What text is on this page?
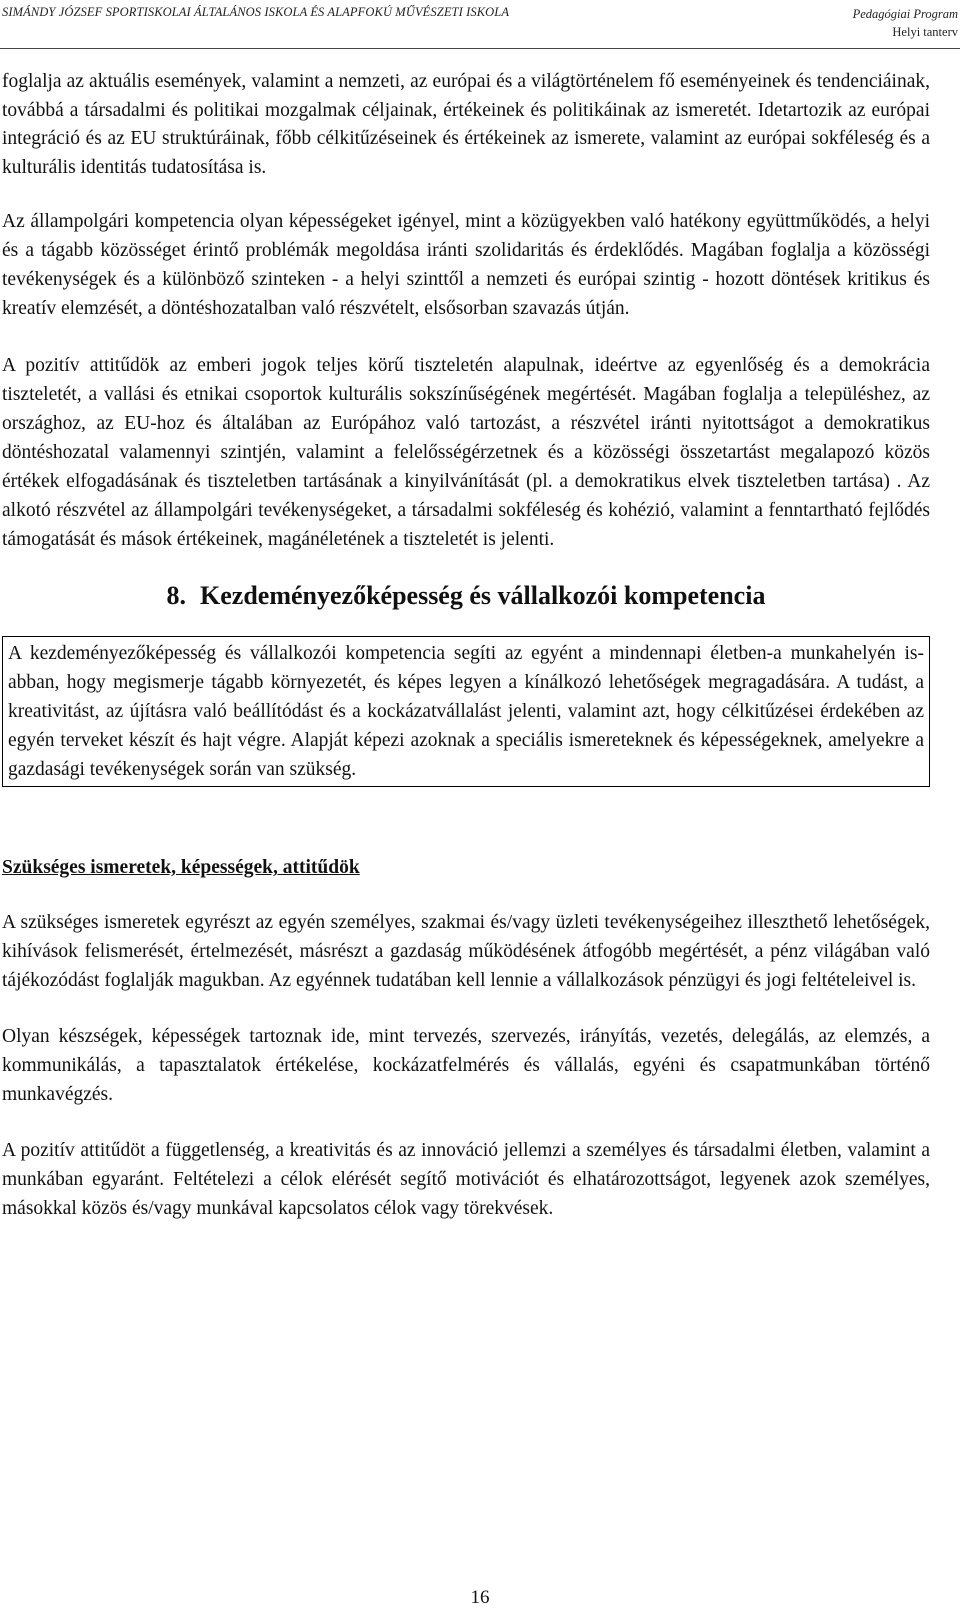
SIMÁNDY JÓZSEF SPORTISKOLAI ÁLTALÁNOS ISKOLA ÉS ALAPFOKÚ MŰVÉSZETI ISKOLA	Pedagógiai Program
Helyi tanterv

foglalja az aktuális események, valamint a nemzeti, az európai és a világtörténelem fő eseményeinek és tendenciáinak, továbbá a társadalmi és politikai mozgalmak céljainak, értékeinek és politikáinak az ismeretét. Idetartozik az európai integráció és az EU struktúráinak, főbb célkitűzéseinek és értékeinek az ismerete, valamint az európai sokféleség és a kulturális identitás tudatosítása is.

Az állampolgári kompetencia olyan képességeket igényel, mint a közügyekben való hatékony együttműködés, a helyi és a tágabb közösséget érintő problémák megoldása iránti szolidaritás és érdeklődés. Magában foglalja a közösségi tevékenységek és a különböző szinteken - a helyi szinttől a nemzeti és európai szintig - hozott döntések kritikus és kreatív elemzését, a döntéshozatalban való részvételt, elsősorban szavazás útján.

A pozitív attitűdök az emberi jogok teljes körű tiszteletén alapulnak, ideértve az egyenlőség és a demokrácia tiszteletét, a vallási és etnikai csoportok kulturális sokszínűségének megértését. Magában foglalja a településhez, az országhoz, az EU-hoz és általában az Európához való tartozást, a részvétel iránti nyitottságot a demokratikus döntéshozatal valamennyi szintjén, valamint a felelősségérzetnek és a közösségi összetartást megalapozó közös értékek elfogadásának és tiszteletben tartásának a kinyilvánítását (pl. a demokratikus elvek tiszteletben tartása) . Az alkotó részvétel az állampolgári tevékenységeket, a társadalmi sokféleség és kohézió, valamint a fenntartható fejlődés támogatását és mások értékeinek, magánéletének a tiszteletét is jelenti.

8. Kezdeményezőképesség és vállalkozói kompetencia

A kezdeményezőképesség és vállalkozói kompetencia segíti az egyént a mindennapi életben-a munkahelyén is- abban, hogy megismerje tágabb környezetét, és képes legyen a kínálkozó lehetőségek megragadására. A tudást, a kreativitást, az újításra való beállítódást és a kockázatvállalást jelenti, valamint azt, hogy célkitűzései érdekében az egyén terveket készít és hajt végre. Alapját képezi azoknak a speciális ismereteknek és képességeknek, amelyekre a gazdasági tevékenységek során van szükség.

Szükséges ismeretek, képességek, attitűdök

A szükséges ismeretek egyrészt az egyén személyes, szakmai és/vagy üzleti tevékenységeihez illeszthető lehetőségek, kihívások felismerését, értelmezését, másrészt a gazdaság működésének átfogóbb megértését, a pénz világában való tájékozódást foglalják magukban. Az egyénnek tudatában kell lennie a vállalkozások pénzügyi és jogi feltételeivel is.

Olyan készségek, képességek tartoznak ide, mint tervezés, szervezés, irányítás, vezetés, delegálás, az elemzés, a kommunikálás, a tapasztalatok értékelése, kockázatfelmérés és vállalás, egyéni és csapatmunkában történő munkavégzés.

A pozitív attitűdöt a függetlenség, a kreativitás és az innováció jellemzi a személyes és társadalmi életben, valamint a munkában egyaránt. Feltételezi a célok elérését segítő motivációt és elhatározottságot, legyenek azok személyes, másokkal közös és/vagy munkával kapcsolatos célok vagy törekvések.

16
